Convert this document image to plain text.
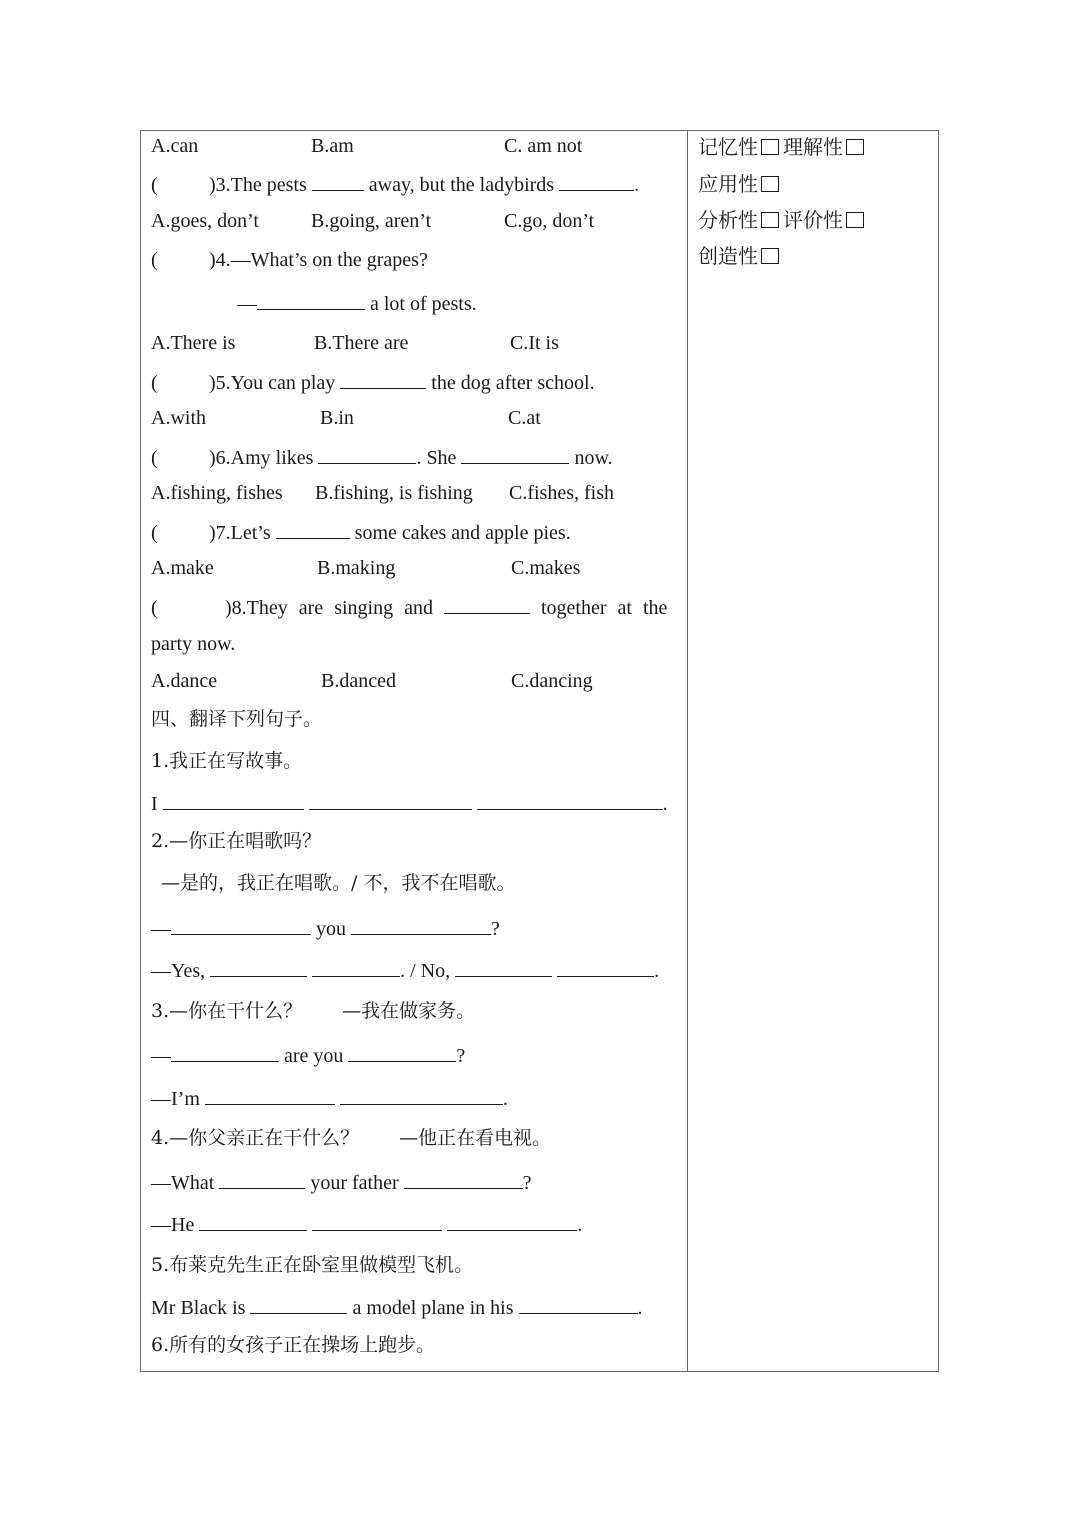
记忆性 理解性
应用性
分析性 评价性
创造性
A.can	B.am	C. am not
(	)3.The pests	away, but the ladybirds	.
A.goes, don’t	B.going, aren’t	C.go, don’t
(	)4.—What’s on the grapes?
—	a lot of pests.
A.There is	B.There are	C.It is
(	)5.You can play	the dog after school.
A.with	B.in	C.at
(	)6.Amy likes	. She	now.
A.fishing, fishes B.fishing, is fishing C.fishes, fish
(	)7.Let’s	some cakes and apple pies.
A.make	B.making	C.makes
(	)8.They are singing and	together at the
party now.
A.dance	B.danced	C.dancing
四、翻译下列句子。
1.我正在写故事。
I	.
2.—你正在唱歌吗？
—是的，我正在唱歌。/ 不，我不在唱歌。
—	you	?
—Yes,	. / No,	.
3.—你在干什么？ —我在做家务。
—	are you	?
—I’m	.
4.—你父亲正在干什么？ —他正在看电视。
—What	your father	?
—He	.
5.布莱克先生正在卧室里做模型飞机。
Mr Black is	a model plane in his	.
6.所有的女孩子正在操场上跑步。
